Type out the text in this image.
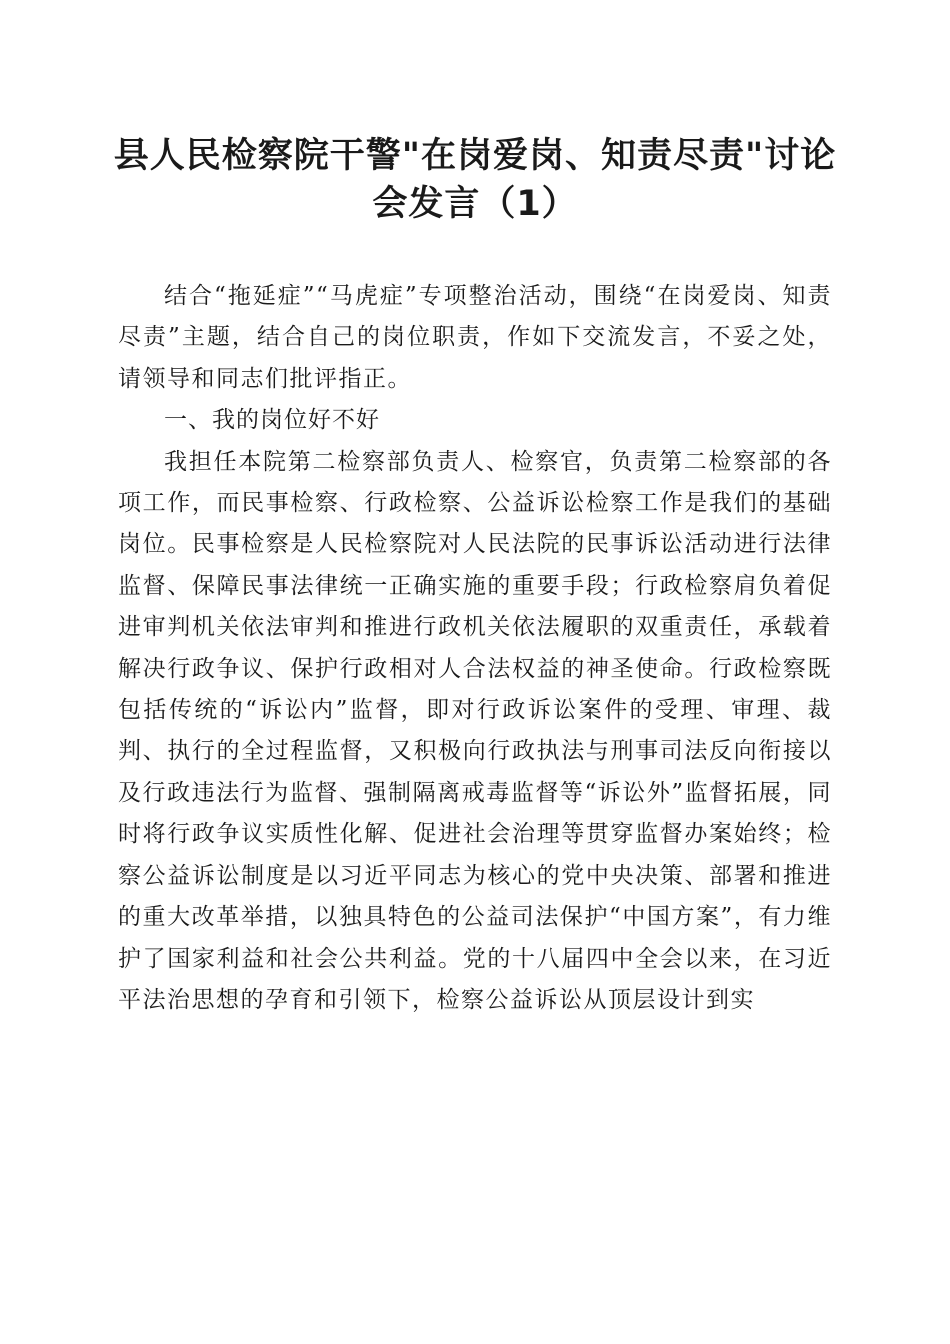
县人民检察院干警"在岗爱岗、知责尽责"讨论会发言（1）

结合“拖延症”“马虎症”专项整治活动，围绕“在岗爱岗、知责尽责”主题，结合自己的岗位职责，作如下交流发言，不妥之处，请领导和同志们批评指正。

一、我的岗位好不好

我担任本院第二检察部负责人、检察官，负责第二检察部的各项工作，而民事检察、行政检察、公益诉讼检察工作是我们的基础岗位。民事检察是人民检察院对人民法院的民事诉讼活动进行法律监督、保障民事法律统一正确实施的重要手段；行政检察肩负着促进审判机关依法审判和推进行政机关依法履职的双重责任，承载着解决行政争议、保护行政相对人合法权益的神圣使命。行政检察既包括传统的“诉讼内”监督，即对行政诉讼案件的受理、审理、裁判、执行的全过程监督，又积极向行政执法与刑事司法反向衔接以及行政违法行为监督、强制隔离戒毒监督等“诉讼外”监督拓展，同时将行政争议实质性化解、促进社会治理等贯穿监督办案始终；检察公益诉讼制度是以习近平同志为核心的党中央决策、部署和推进的重大改革举措，以独具特色的公益司法保护“中国方案”，有力维护了国家利益和社会公共利益。党的十八届四中全会以来，在习近平法治思想的孕育和引领下，检察公益诉讼从顶层设计到实
